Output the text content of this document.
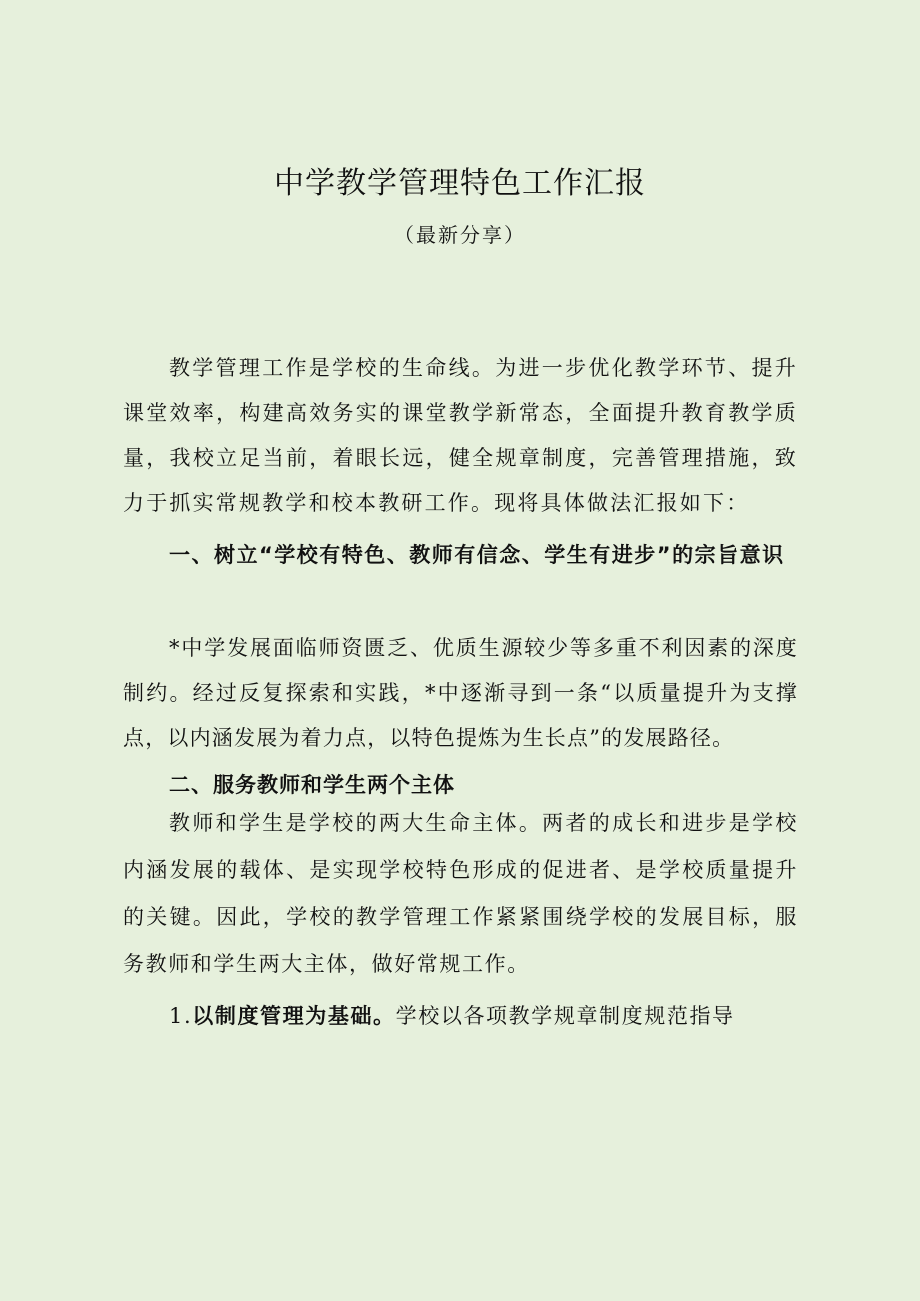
中学教学管理特色工作汇报
（最新分享）
教学管理工作是学校的生命线。为进一步优化教学环节、提升课堂效率，构建高效务实的课堂教学新常态，全面提升教育教学质量，我校立足当前，着眼长远，健全规章制度，完善管理措施，致力于抓实常规教学和校本教研工作。现将具体做法汇报如下：
一、树立“学校有特色、教师有信念、学生有进步”的宗旨意识
*中学发展面临师资匮乏、优质生源较少等多重不利因素的深度制约。经过反复探索和实践，*中逐渐寻到一条“以质量提升为支撑点，以内涵发展为着力点，以特色提炼为生长点”的发展路径。
二、服务教师和学生两个主体
教师和学生是学校的两大生命主体。两者的成长和进步是学校内涵发展的载体、是实现学校特色形成的促进者、是学校质量提升的关键。因此，学校的教学管理工作紧紧围绕学校的发展目标，服务教师和学生两大主体，做好常规工作。
1.以制度管理为基础。学校以各项教学规章制度规范指导
